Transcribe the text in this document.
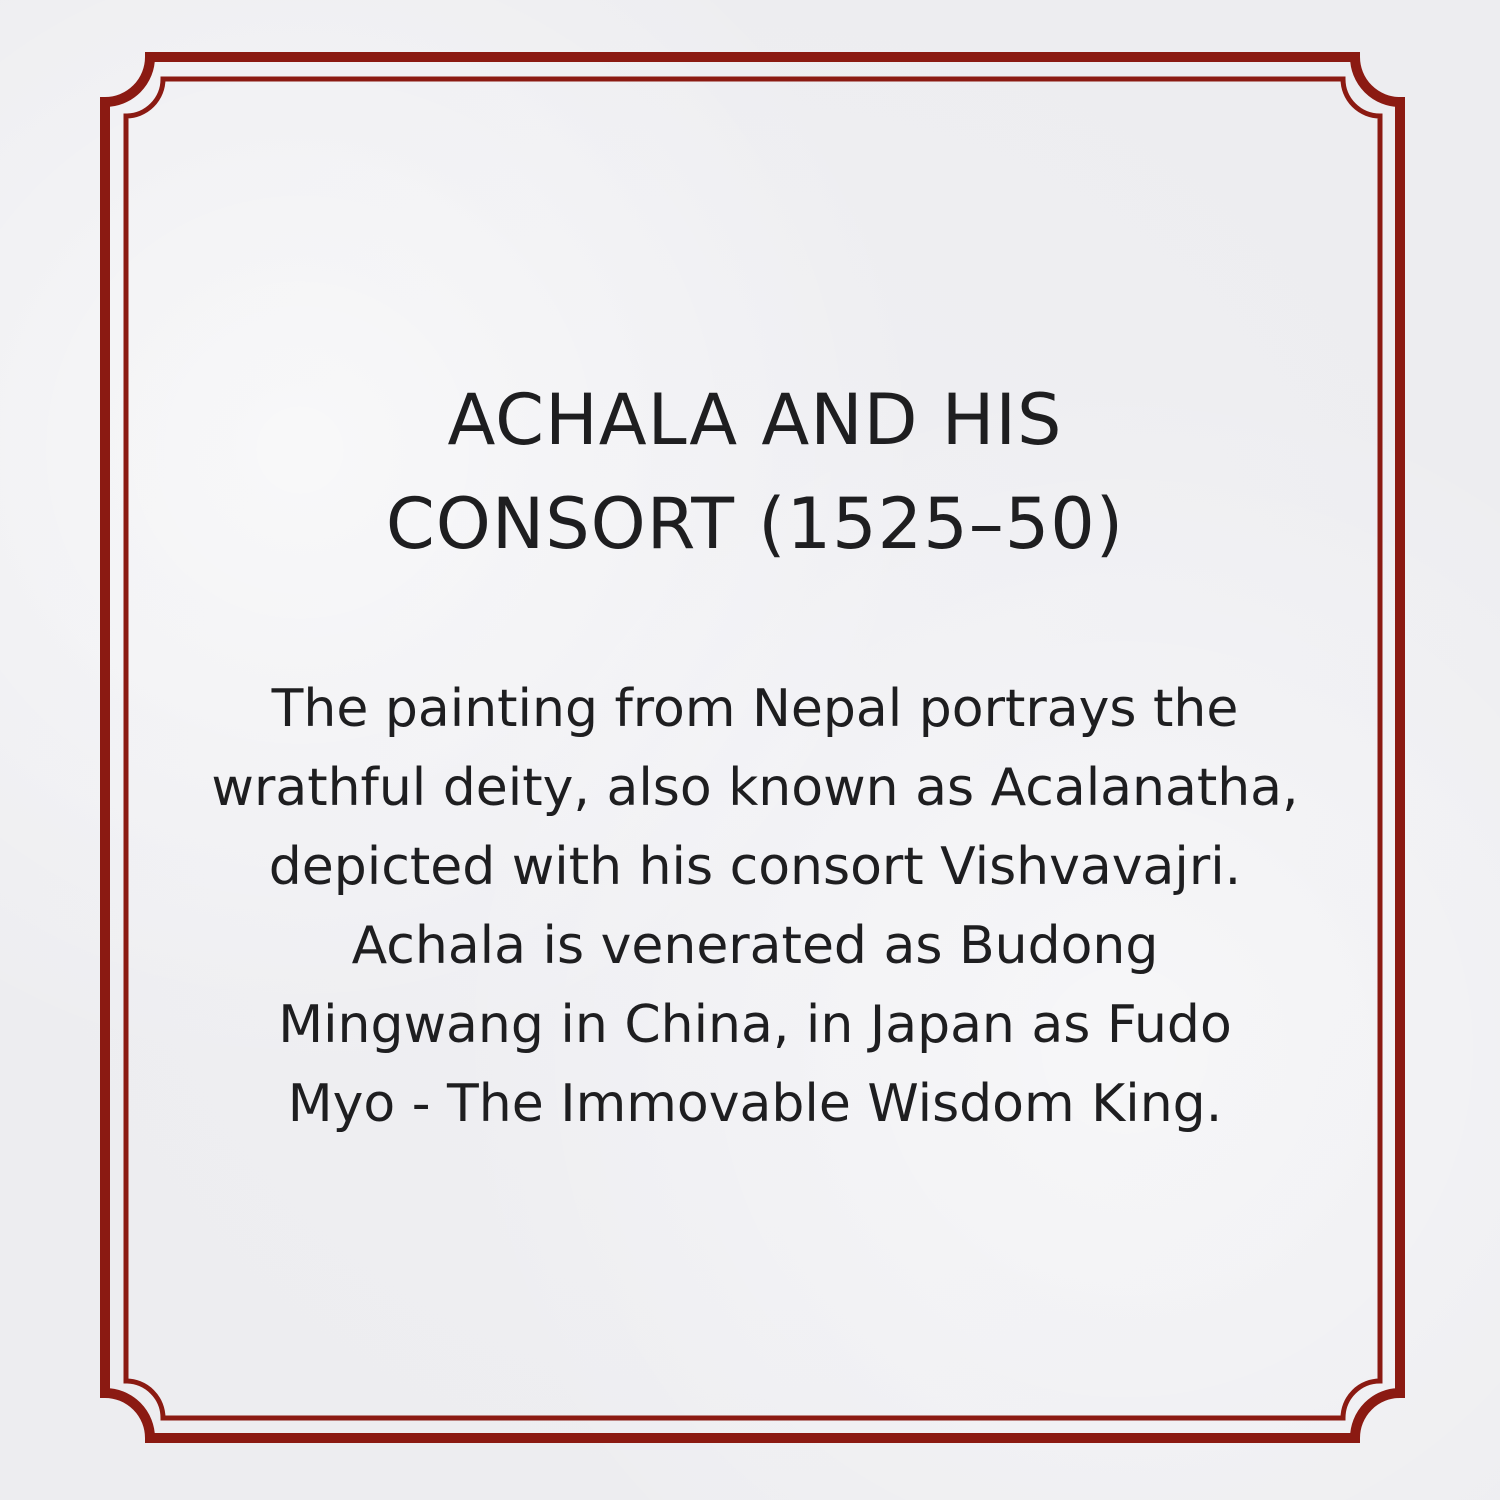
ACHALA AND HIS
CONSORT (1525–50)

The painting from Nepal portrays the
wrathful deity, also known as Acalanatha,
depicted with his consort Vishvavajri.
Achala is venerated as Budong
Mingwang in China, in Japan as Fudo
Myo - The Immovable Wisdom King.
